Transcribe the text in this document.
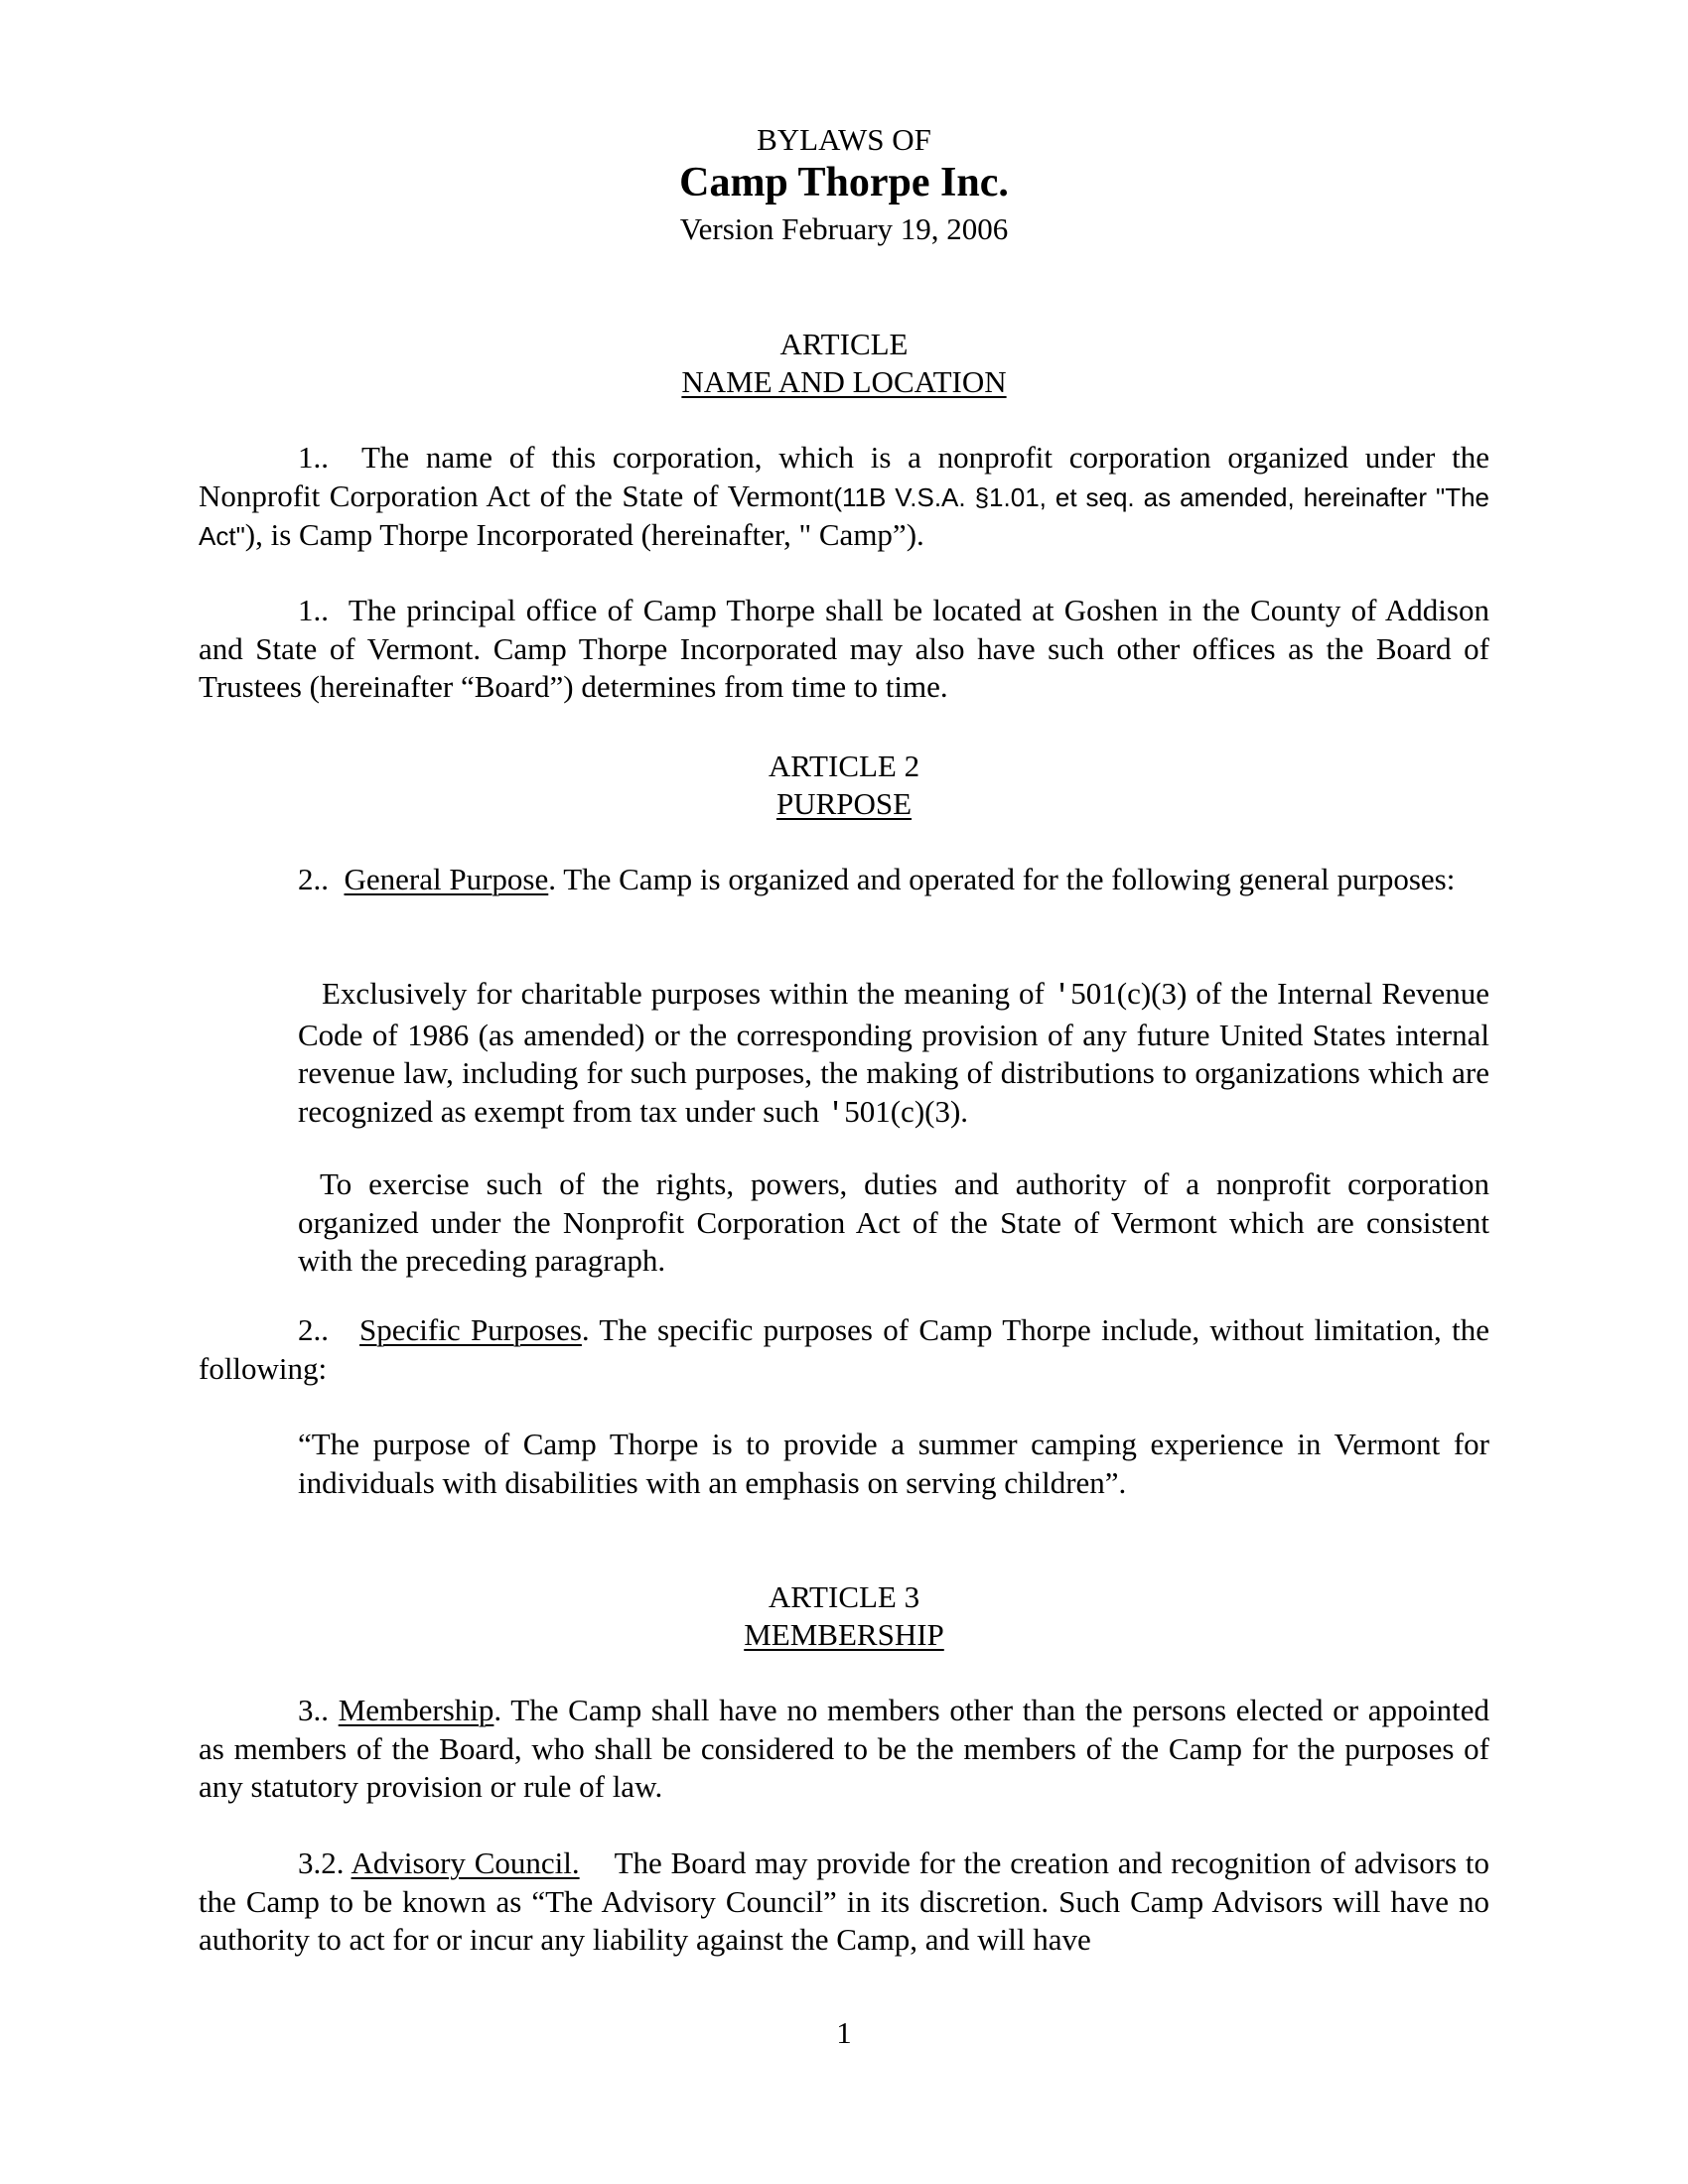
BYLAWS OF
Camp Thorpe Inc.
Version February 19, 2006
ARTICLE
NAME AND LOCATION

1.. The name of this corporation, which is a nonprofit corporation organized under the Nonprofit Corporation Act of the State of Vermont(11B V.S.A. §1.01, et seq. as amended, hereinafter "The Act"), is Camp Thorpe Incorporated (hereinafter, " Camp”).

1.. The principal office of Camp Thorpe shall be located at Goshen in the County of Addison and State of Vermont. Camp Thorpe Incorporated may also have such other offices as the Board of Trustees (hereinafter “Board”) determines from time to time.

ARTICLE 2
PURPOSE

2.. General Purpose. The Camp is organized and operated for the following general purposes:

Exclusively for charitable purposes within the meaning of '501(c)(3) of the Internal Revenue Code of 1986 (as amended) or the corresponding provision of any future United States internal revenue law, including for such purposes, the making of distributions to organizations which are recognized as exempt from tax under such '501(c)(3).

To exercise such of the rights, powers, duties and authority of a nonprofit corporation organized under the Nonprofit Corporation Act of the State of Vermont which are consistent with the preceding paragraph.

2.. Specific Purposes. The specific purposes of Camp Thorpe include, without limitation, the following:

“The purpose of Camp Thorpe is to provide a summer camping experience in Vermont for individuals with disabilities with an emphasis on serving children”.

ARTICLE 3
MEMBERSHIP

3.. Membership. The Camp shall have no members other than the persons elected or appointed as members of the Board, who shall be considered to be the members of the Camp for the purposes of any statutory provision or rule of law.

3.2. Advisory Council. The Board may provide for the creation and recognition of advisors to the Camp to be known as “The Advisory Council” in its discretion. Such Camp Advisors will have no authority to act for or incur any liability against the Camp, and will have

1
